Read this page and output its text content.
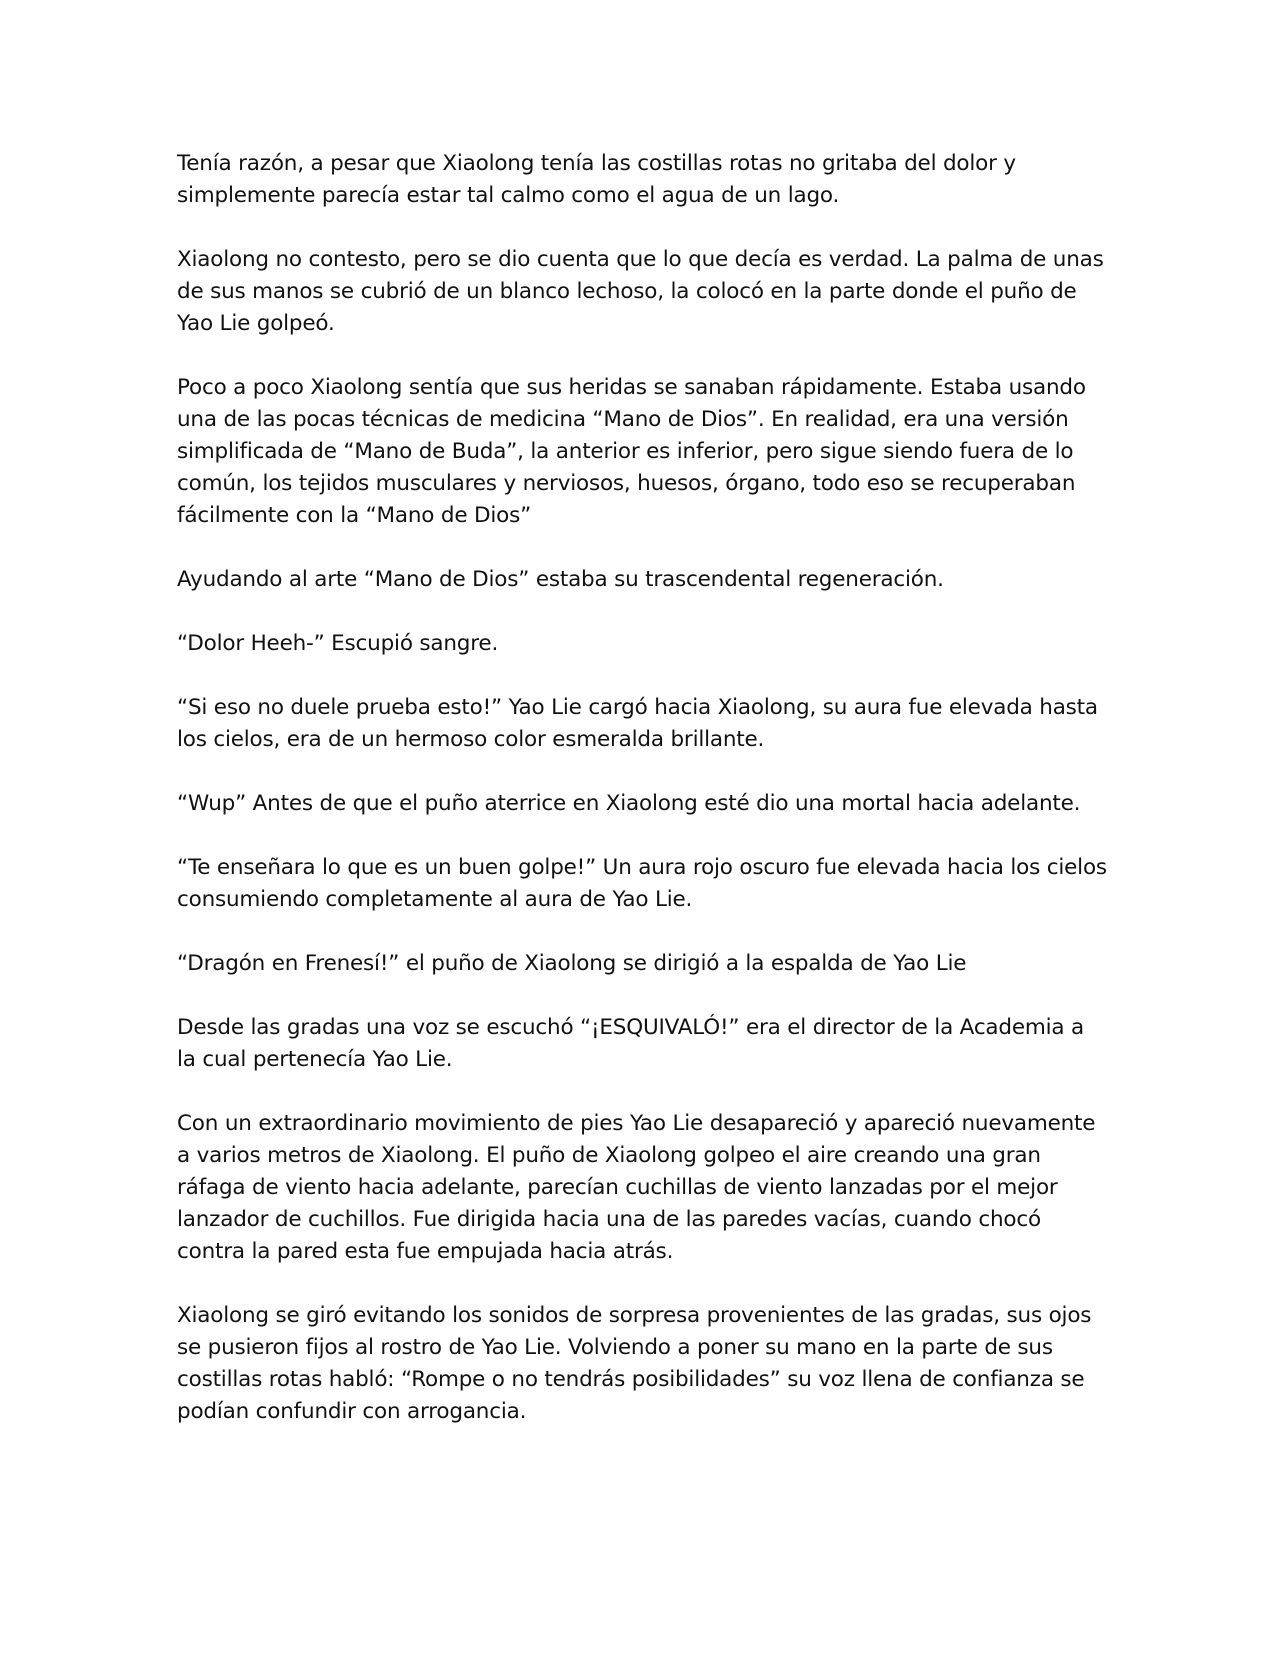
Tenía razón, a pesar que Xiaolong tenía las costillas rotas no gritaba del dolor y simplemente parecía estar tal calmo como el agua de un lago.

Xiaolong no contesto, pero se dio cuenta que lo que decía es verdad. La palma de unas de sus manos se cubrió de un blanco lechoso, la colocó en la parte donde el puño de Yao Lie golpeó.

Poco a poco Xiaolong sentía que sus heridas se sanaban rápidamente. Estaba usando una de las pocas técnicas de medicina “Mano de Dios”. En realidad, era una versión simplificada de “Mano de Buda”, la anterior es inferior, pero sigue siendo fuera de lo común, los tejidos musculares y nerviosos, huesos, órgano, todo eso se recuperaban fácilmente con la “Mano de Dios”

Ayudando al arte “Mano de Dios” estaba su trascendental regeneración.

“Dolor Heeh-” Escupió sangre.

“Si eso no duele prueba esto!” Yao Lie cargó hacia Xiaolong, su aura fue elevada hasta los cielos, era de un hermoso color esmeralda brillante.

“Wup” Antes de que el puño aterrice en Xiaolong esté dio una mortal hacia adelante.

“Te enseñara lo que es un buen golpe!” Un aura rojo oscuro fue elevada hacia los cielos consumiendo completamente al aura de Yao Lie.

“Dragón en Frenesí!” el puño de Xiaolong se dirigió a la espalda de Yao Lie

Desde las gradas una voz se escuchó “¡ESQUIVALÓ!” era el director de la Academia a la cual pertenecía Yao Lie.

Con un extraordinario movimiento de pies Yao Lie desapareció y apareció nuevamente a varios metros de Xiaolong. El puño de Xiaolong golpeo el aire creando una gran ráfaga de viento hacia adelante, parecían cuchillas de viento lanzadas por el mejor lanzador de cuchillos. Fue dirigida hacia una de las paredes vacías, cuando chocó contra la pared esta fue empujada hacia atrás.

Xiaolong se giró evitando los sonidos de sorpresa provenientes de las gradas, sus ojos se pusieron fijos al rostro de Yao Lie. Volviendo a poner su mano en la parte de sus costillas rotas habló: “Rompe o no tendrás posibilidades” su voz llena de confianza se podían confundir con arrogancia.
